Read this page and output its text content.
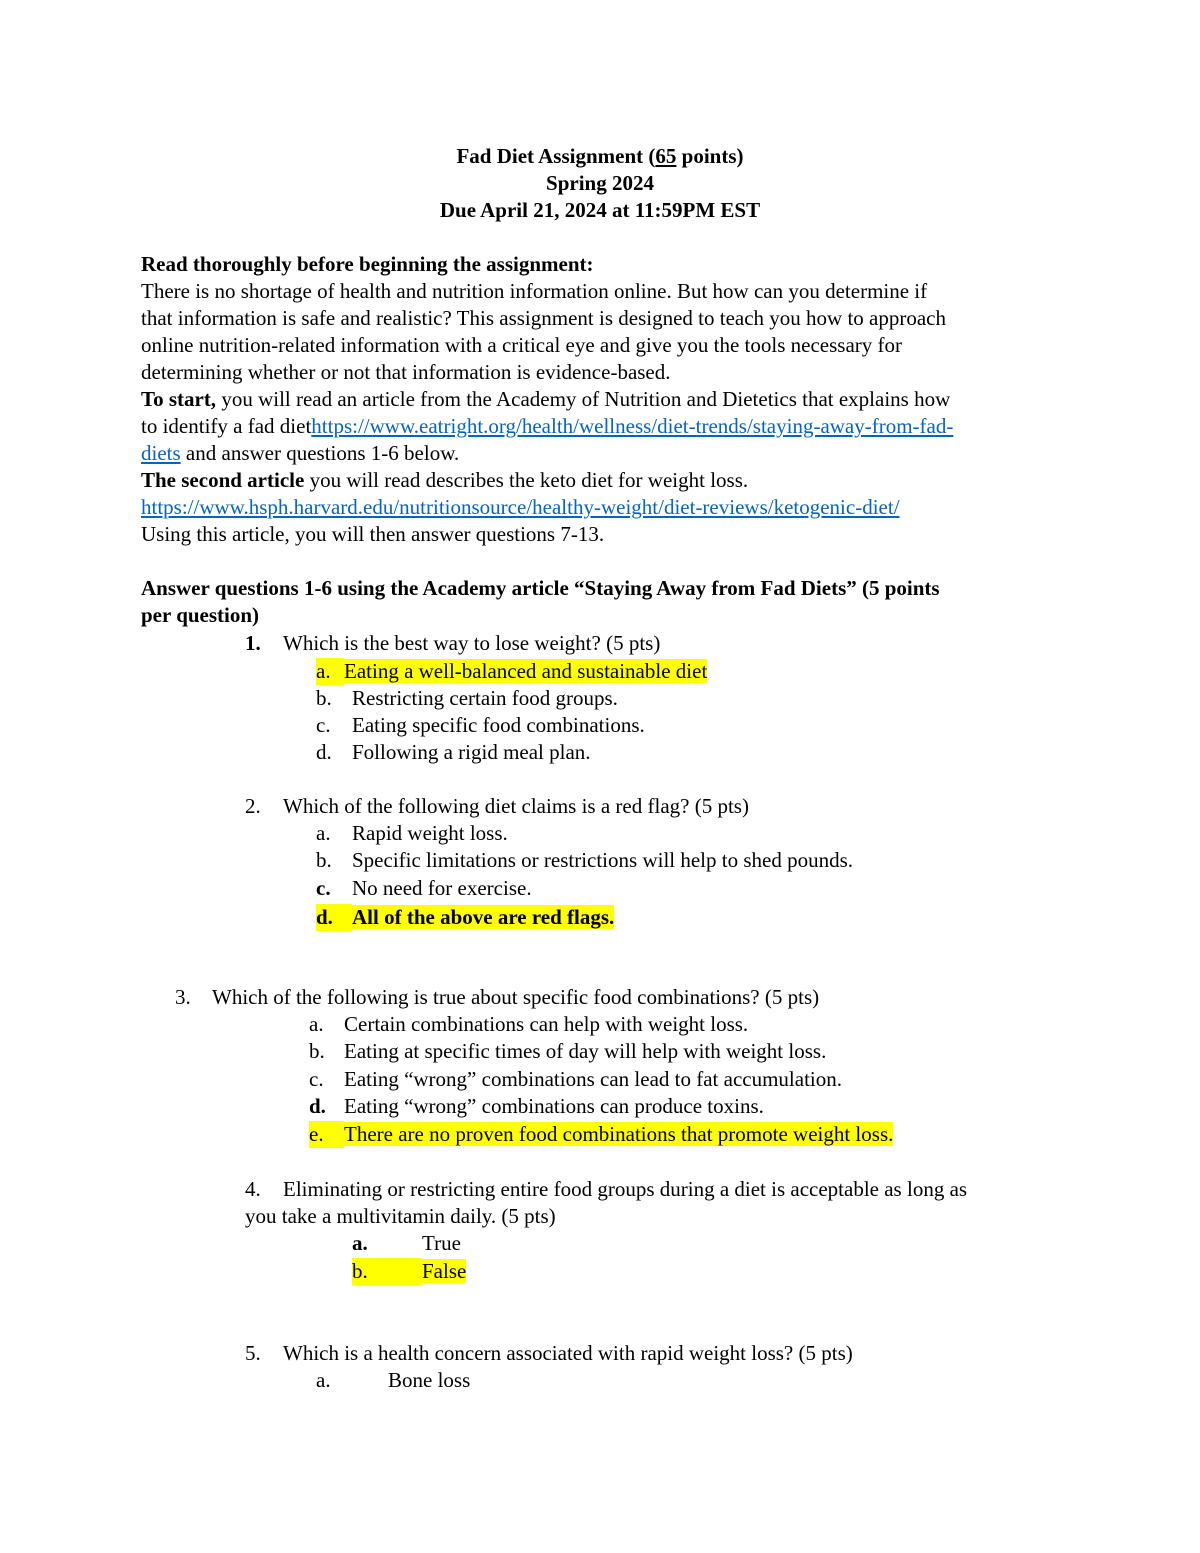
Fad Diet Assignment (65 points)
Spring 2024
Due April 21, 2024 at 11:59PM EST
Read thoroughly before beginning the assignment:
There is no shortage of health and nutrition information online. But how can you determine if
that information is safe and realistic? This assignment is designed to teach you how to approach
online nutrition-related information with a critical eye and give you the tools necessary for
determining whether or not that information is evidence-based.
To start, you will read an article from the Academy of Nutrition and Dietetics that explains how
to identify a fad diethttps://www.eatright.org/health/wellness/diet-trends/staying-away-from-fad-
diets and answer questions 1-6 below.
The second article you will read describes the keto diet for weight loss.
https://www.hsph.harvard.edu/nutritionsource/healthy-weight/diet-reviews/ketogenic-diet/
Using this article, you will then answer questions 7-13.
Answer questions 1-6 using the Academy article “Staying Away from Fad Diets” (5 points
per question)
1. Which is the best way to lose weight? (5 pts)
a. Eating a well-balanced and sustainable diet
b. Restricting certain food groups.
c. Eating specific food combinations.
d. Following a rigid meal plan.
2. Which of the following diet claims is a red flag? (5 pts)
a. Rapid weight loss.
b. Specific limitations or restrictions will help to shed pounds.
c. No need for exercise.
d. All of the above are red flags.
3. Which of the following is true about specific food combinations? (5 pts)
a. Certain combinations can help with weight loss.
b. Eating at specific times of day will help with weight loss.
c. Eating “wrong” combinations can lead to fat accumulation.
d. Eating “wrong” combinations can produce toxins.
e. There are no proven food combinations that promote weight loss.
4. Eliminating or restricting entire food groups during a diet is acceptable as long as
you take a multivitamin daily. (5 pts)
a.	True
b.	False
5. Which is a health concern associated with rapid weight loss? (5 pts)
a.	Bone loss
